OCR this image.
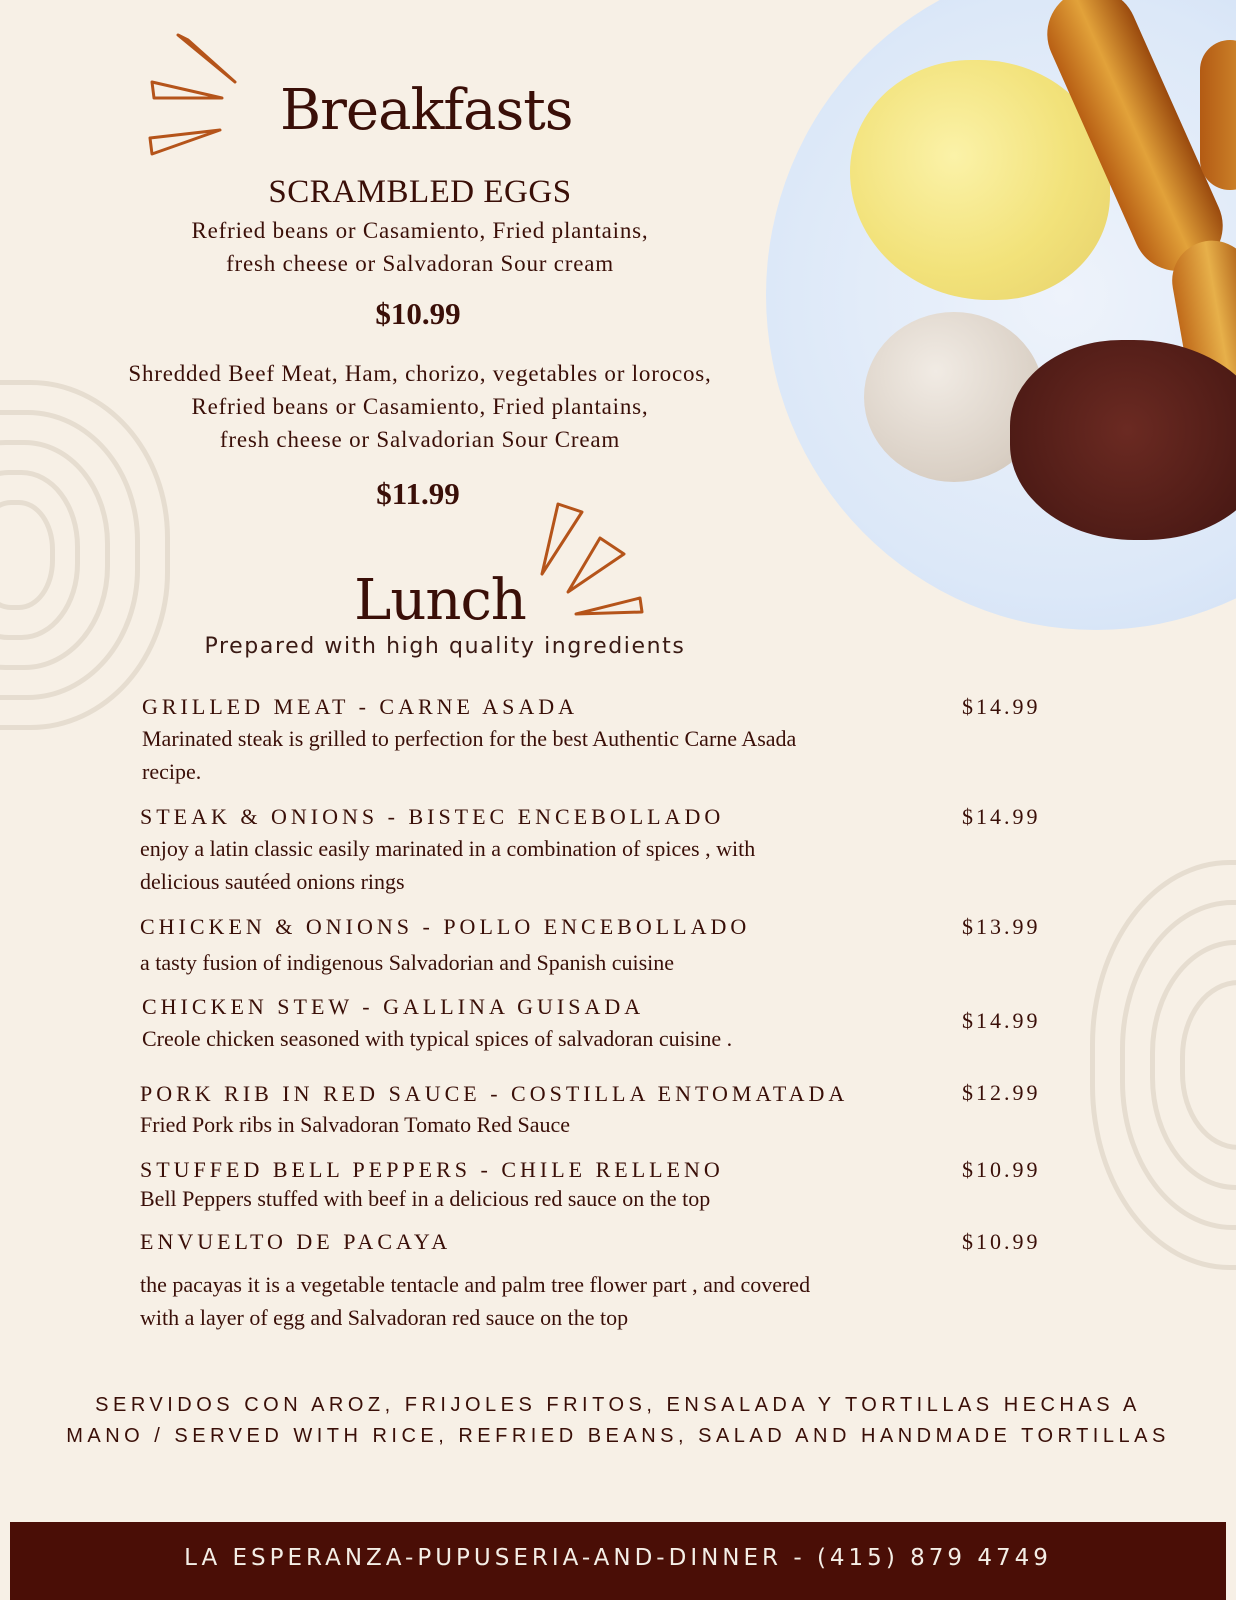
Breakfasts
SCRAMBLED EGGS
Refried beans or Casamiento, Fried plantains,
fresh cheese or Salvadoran Sour cream
$10.99
Shredded Beef Meat, Ham, chorizo, vegetables or lorocos,
Refried beans or Casamiento, Fried plantains,
fresh cheese or Salvadorian Sour Cream
$11.99
Lunch
Prepared with high quality ingredients
GRILLED MEAT - CARNE ASADA	$14.99
Marinated steak is grilled to perfection for the best Authentic Carne Asada
recipe.
STEAK & ONIONS - BISTEC ENCEBOLLADO	$14.99
enjoy a latin classic easily marinated in a combination of spices , with
delicious sautéed onions rings
CHICKEN & ONIONS - POLLO ENCEBOLLADO	$13.99
a tasty fusion of indigenous Salvadorian and Spanish cuisine
CHICKEN STEW - GALLINA GUISADA
$14.99
Creole chicken seasoned with typical spices of salvadoran cuisine .
PORK RIB IN RED SAUCE - COSTILLA ENTOMATADA	$12.99
Fried Pork ribs in Salvadoran Tomato Red Sauce
STUFFED BELL PEPPERS - CHILE RELLENO	$10.99
Bell Peppers stuffed with beef in a delicious red sauce on the top
ENVUELTO DE PACAYA	$10.99
the pacayas it is a vegetable tentacle and palm tree flower part , and covered
with a layer of egg and Salvadoran red sauce on the top
SERVIDOS CON AROZ, FRIJOLES FRITOS, ENSALADA Y TORTILLAS HECHAS A
MANO / SERVED WITH RICE, REFRIED BEANS, SALAD AND HANDMADE TORTILLAS
LA ESPERANZA-PUPUSERIA-AND-DINNER - (415) 879 4749
